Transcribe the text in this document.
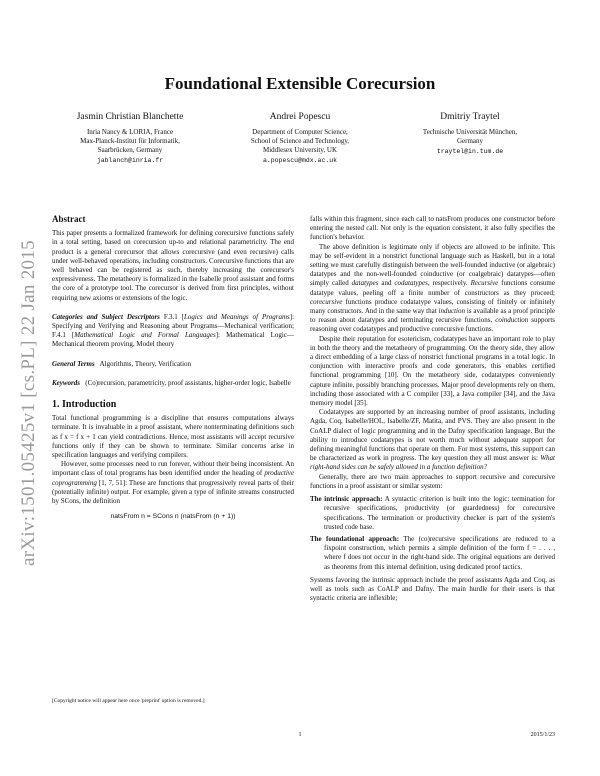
arXiv:1501.05425v1 [cs.PL] 22 Jan 2015
Foundational Extensible Corecursion
Jasmin Christian Blanchette
Inria Nancy & LORIA, France
Max-Planck-Institut für Informatik,
Saarbrücken, Germany
jablanch@inria.fr
Andrei Popescu
Department of Computer Science,
School of Science and Technology,
Middlesex University, UK
a.popescu@mdx.ac.uk
Dmitriy Traytel
Technische Universität München,
Germany
traytel@in.tum.de
Abstract

This paper presents a formalized framework for defining corecursive functions safely in a total setting, based on corecursion up-to and relational parametricity. The end product is a general corecursor that allows corecursive (and even recursive) calls under well-behaved operations, including constructors. Corecursive functions that are well behaved can be registered as such, thereby increasing the corecursor's expressiveness. The metatheory is formalized in the Isabelle proof assistant and forms the core of a prototype tool. The corecursor is derived from first principles, without requiring new axioms or extensions of the logic.

Categories and Subject Descriptors F.3.1 [Logics and Meanings of Programs]: Specifying and Verifying and Reasoning about Programs—Mechanical verification; F.4.1 [Mathematical Logic and Formal Languages]: Mathematical Logic—Mechanical theorem proving, Model theory

General Terms Algorithms, Theory, Verification

Keywords (Co)recursion, parametricity, proof assistants, higher-order logic, Isabelle

1. Introduction

Total functional programming is a discipline that ensures computations always terminate. It is invaluable in a proof assistant, where nonterminating definitions such as f x = f x + 1 can yield contradictions. Hence, most assistants will accept recursive functions only if they can be shown to terminate. Similar concerns arise in specification languages and verifying compilers.

However, some processes need to run forever, without their being inconsistent. An important class of total programs has been identified under the heading of productive coprogramming [1, 7, 51]: These are functions that progressively reveal parts of their (potentially infinite) output. For example, given a type of infinite streams constructed by SCons, the definition

natsFrom n = SCons n (natsFrom (n + 1))
[Copyright notice will appear here once 'preprint' option is removed.]

falls within this fragment, since each call to natsFrom produces one constructor before entering the nested call. Not only is the equation consistent, it also fully specifies the function's behavior.

The above definition is legitimate only if objects are allowed to be infinite. This may be self-evident in a nonstrict functional language such as Haskell, but in a total setting we must carefully distinguish between the well-founded inductive (or algebraic) datatypes and the non-well-founded coinductive (or coalgebraic) datatypes—often simply called datatypes and codatatypes, respectively. Recursive functions consume datatype values, peeling off a finite number of constructors as they proceed; corecursive functions produce codatatype values, consisting of finitely or infinitely many constructors. And in the same way that induction is available as a proof principle to reason about datatypes and terminating recursive functions, coinduction supports reasoning over codatatypes and productive corecursive functions.

Despite their reputation for esotericism, codatatypes have an important role to play in both the theory and the metatheory of programming. On the theory side, they allow a direct embedding of a large class of nonstrict functional programs in a total logic. In conjunction with interactive proofs and code generators, this enables certified functional programming [10]. On the metatheory side, codatatypes conveniently capture infinite, possibly branching processes. Major proof developments rely on them, including those associated with a C compiler [33], a Java compiler [34], and the Java memory model [35].

Codatatypes are supported by an increasing number of proof assistants, including Agda, Coq, Isabelle/HOL, Isabelle/ZF, Matita, and PVS. They are also present in the CoALP dialect of logic programming and in the Dafny specification language. But the ability to introduce codatatypes is not worth much without adequate support for defining meaningful functions that operate on them. For most systems, this support can be characterized as work in progress. The key question they all must answer is: What right-hand sides can be safely allowed in a function definition?

Generally, there are two main approaches to support recursive and corecursive functions in a proof assistant or similar system:

The intrinsic approach: A syntactic criterion is built into the logic: termination for recursive specifications, productivity (or guardedness) for corecursive specifications. The termination or productivity checker is part of the system's trusted code base.

The foundational approach: The (co)recursive specifications are reduced to a fixpoint construction, which permits a simple definition of the form f = . . . , where f does not occur in the right-hand side. The original equations are derived as theorems from this internal definition, using dedicated proof tactics.

Systems favoring the intrinsic approach include the proof assistants Agda and Coq, as well as tools such as CoALP and Dafny. The main hurdle for their users is that syntactic criteria are inflexible;

1	2015/1/23
